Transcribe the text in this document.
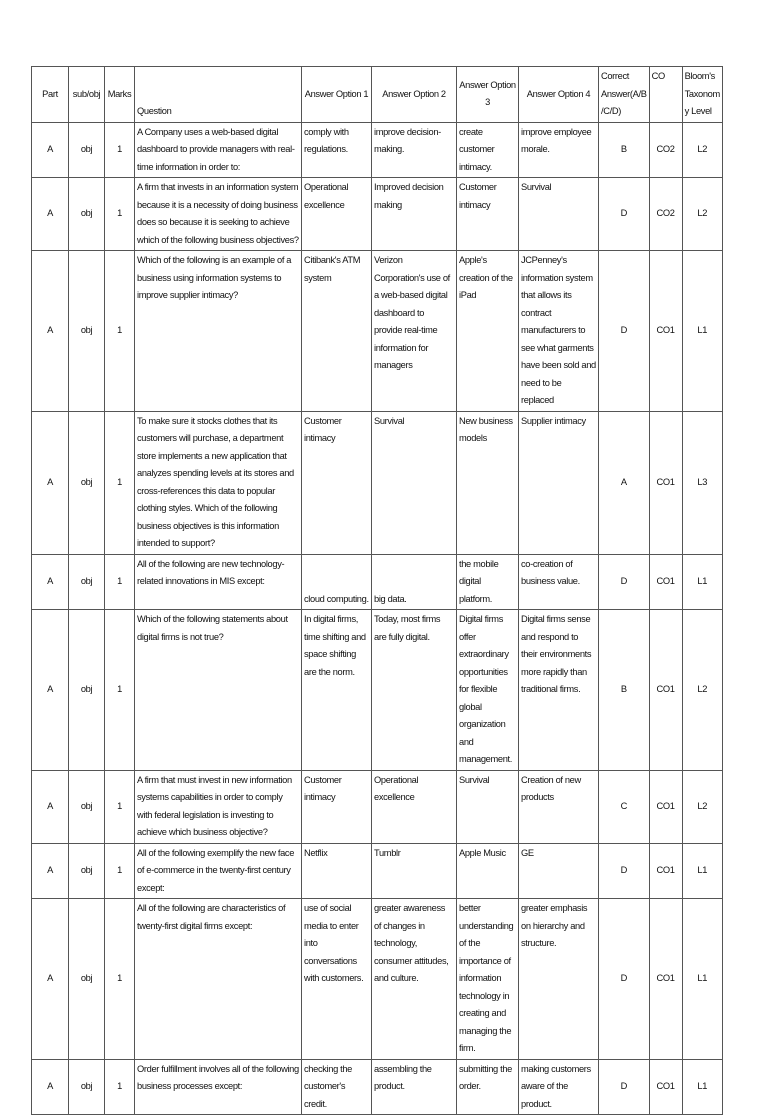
Part	sub/obj	Marks	Question	Answer Option 1	Answer Option 2	Answer Option 3	Answer Option 4	Correct Answer(A/B /C/D)	CO	Bloom's Taxonom y Level
A	obj	1	A Company uses a web-based digital dashboard to provide managers with real-time information in order to:	comply with regulations.	improve decision-making.	create customer intimacy.	improve employee morale.	B	CO2	L2
A	obj	1	A firm that invests in an information system because it is a necessity of doing business does so because it is seeking to achieve which of the following business objectives?	Operational excellence	Improved decision making	Customer intimacy	Survival	D	CO2	L2
A	obj	1	Which of the following is an example of a business using information systems to improve supplier intimacy?	Citibank's ATM system	Verizon Corporation's use of a web-based digital dashboard to provide real-time information for managers	Apple's creation of the iPad	JCPenney's information system that allows its contract manufacturers to see what garments have been sold and need to be replaced	D	CO1	L1
A	obj	1	To make sure it stocks clothes that its customers will purchase, a department store implements a new application that analyzes spending levels at its stores and cross-references this data to popular clothing styles. Which of the following business objectives is this information intended to support?	Customer intimacy	Survival	New business models	Supplier intimacy	A	CO1	L3
A	obj	1	All of the following are new technology-related innovations in MIS except:	cloud computing.	big data.	the mobile digital platform.	co-creation of business value.	D	CO1	L1
A	obj	1	Which of the following statements about digital firms is not true?	In digital firms, time shifting and space shifting are the norm.	Today, most firms are fully digital.	Digital firms offer extraordinary opportunities for flexible global organization and management.	Digital firms sense and respond to their environments more rapidly than traditional firms.	B	CO1	L2
A	obj	1	A firm that must invest in new information systems capabilities in order to comply with federal legislation is investing to achieve which business objective?	Customer intimacy	Operational excellence	Survival	Creation of new products	C	CO1	L2
A	obj	1	All of the following exemplify the new face of e-commerce in the twenty-first century except:	Netflix	Tumblr	Apple Music	GE	D	CO1	L1
A	obj	1	All of the following are characteristics of twenty-first digital firms except:	use of social media to enter into conversations with customers.	greater awareness of changes in technology, consumer attitudes, and culture.	better understanding of the importance of information technology in creating and managing the firm.	greater emphasis on hierarchy and structure.	D	CO1	L1
A	obj	1	Order fulfillment involves all of the following business processes except:	checking the customer's credit.	assembling the product.	submitting the order.	making customers aware of the product.	D	CO1	L1
